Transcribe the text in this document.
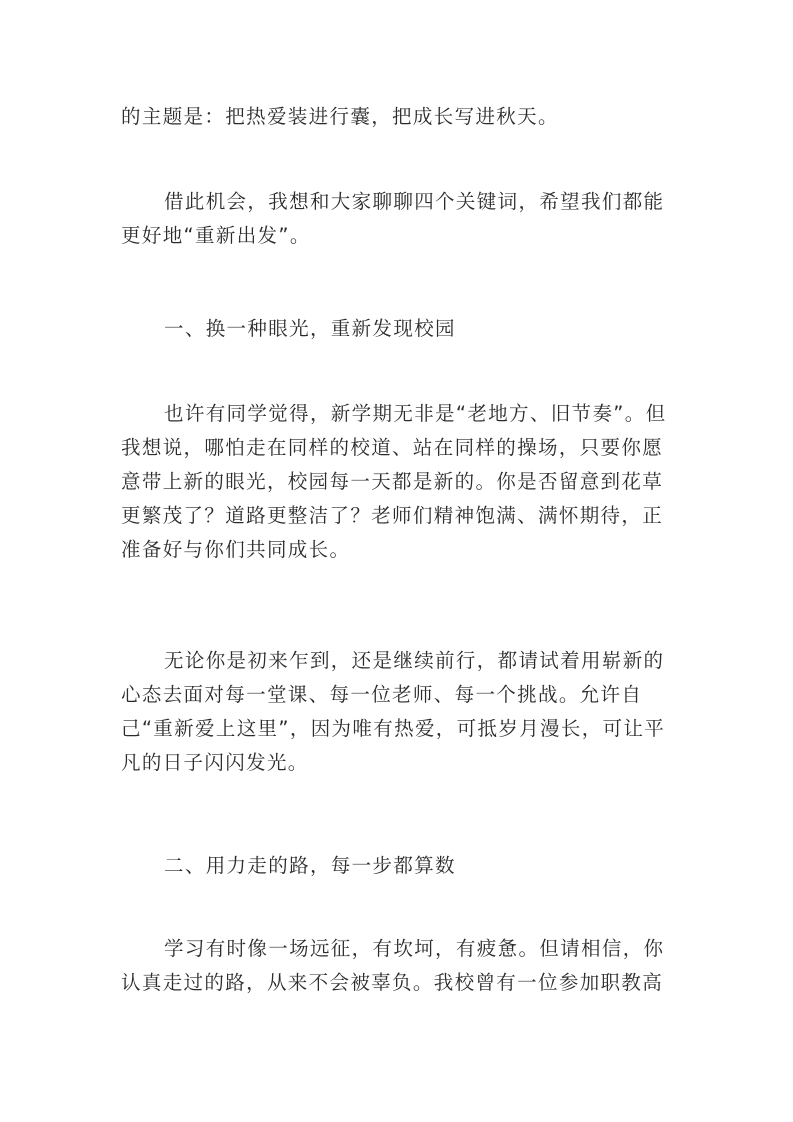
的主题是：把热爱装进行囊，把成长写进秋天。

借此机会，我想和大家聊聊四个关键词，希望我们都能更好地“重新出发”。

一、换一种眼光，重新发现校园

也许有同学觉得，新学期无非是“老地方、旧节奏”。但我想说，哪怕走在同样的校道、站在同样的操场，只要你愿意带上新的眼光，校园每一天都是新的。你是否留意到花草更繁茂了？道路更整洁了？老师们精神饱满、满怀期待，正准备好与你们共同成长。

无论你是初来乍到，还是继续前行，都请试着用崭新的心态去面对每一堂课、每一位老师、每一个挑战。允许自己“重新爱上这里”，因为唯有热爱，可抵岁月漫长，可让平凡的日子闪闪发光。

二、用力走的路，每一步都算数

学习有时像一场远征，有坎坷，有疲惫。但请相信，你认真走过的路，从来不会被辜负。我校曾有一位参加职教高
